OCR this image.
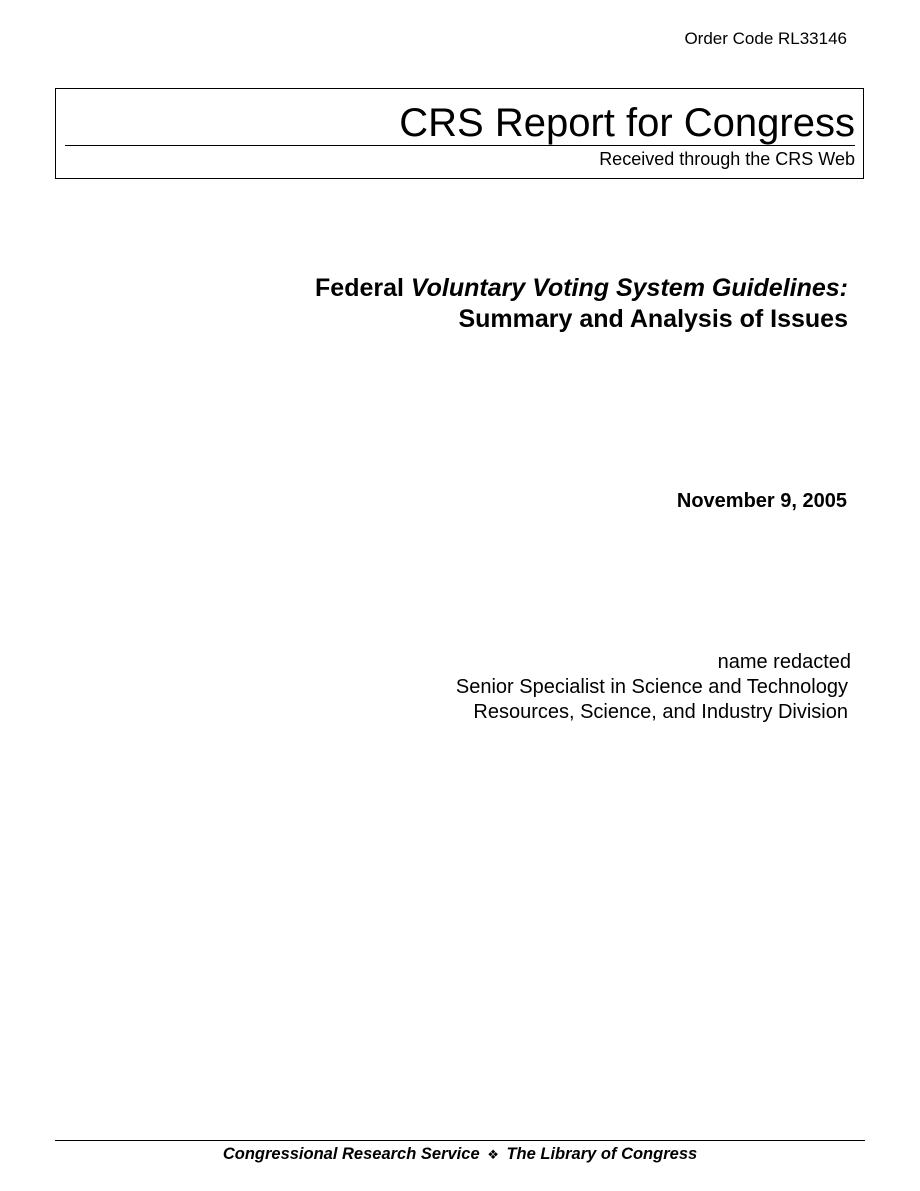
Order Code RL33146
CRS Report for Congress
Received through the CRS Web
Federal Voluntary Voting System Guidelines:
Summary and Analysis of Issues
November 9, 2005
name redacted
Senior Specialist in Science and Technology
Resources, Science, and Industry Division
Congressional Research Service ❖ The Library of Congress
